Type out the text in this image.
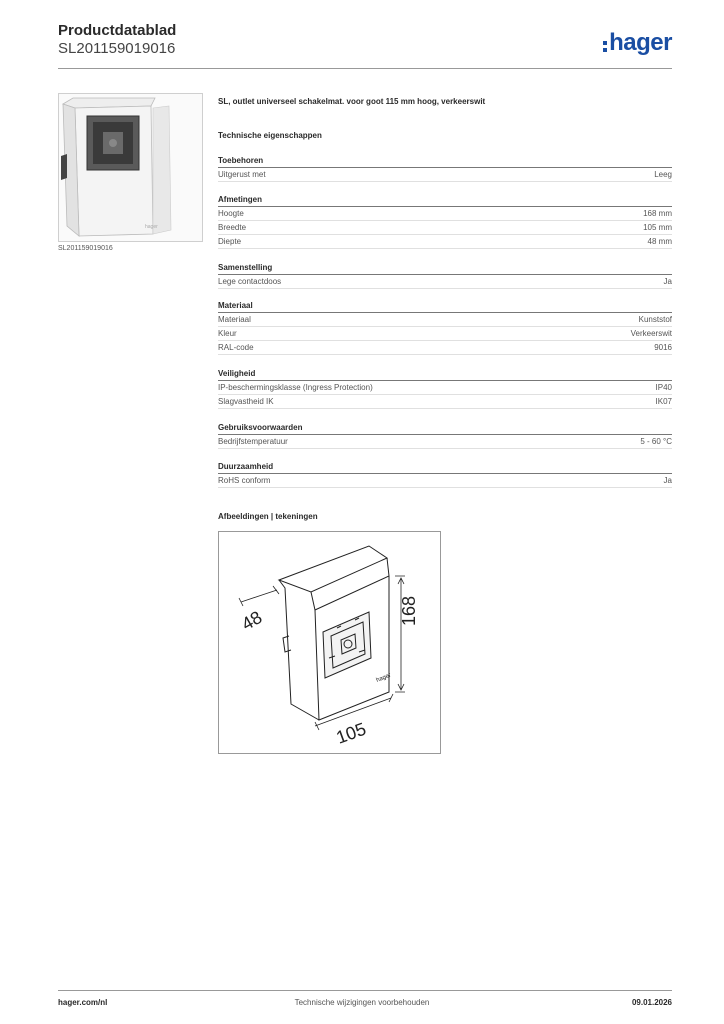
Productdatablad
SL201159019016	hager
hager
SL201159019016
SL, outlet universeel schakelmat. voor goot 115 mm hoog, verkeerswit
Technische eigenschappen
Toebehoren
Uitgerust met	Leeg
Afmetingen
Hoogte	168 mm
Breedte	105 mm
Diepte	48 mm
Samenstelling
Lege contactdoos	Ja
Materiaal
Materiaal	Kunststof
Kleur	Verkeerswit
RAL-code	9016
Veiligheid
IP-beschermingsklasse (Ingress Protection)	IP40
Slagvastheid IK	IK07
Gebruiksvoorwaarden
Bedrijfstemperatuur	5 - 60 °C
Duurzaamheid
RoHS conform	Ja
Afbeeldingen | tekeningen
hager
48	168
105
hager.com/nl	Technische wijzigingen voorbehouden	09.01.2026
